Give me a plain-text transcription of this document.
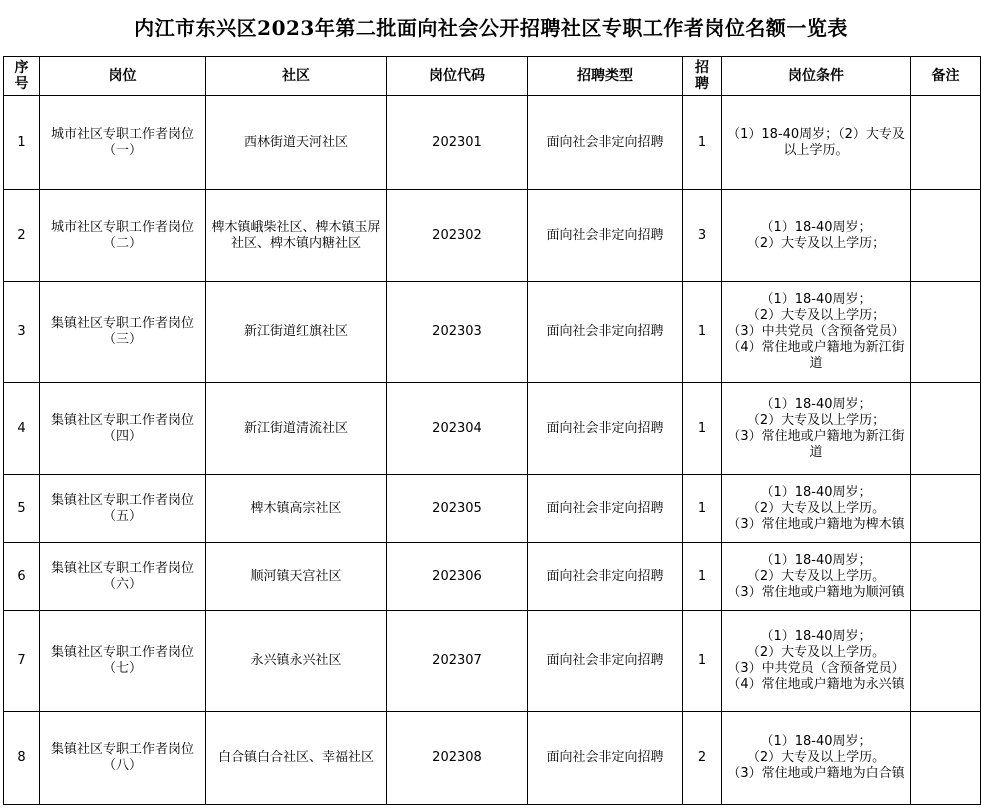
内江市东兴区2023年第二批面向社会公开招聘社区专职工作者岗位名额一览表
序号	岗位	社区	岗位代码	招聘类型	招聘	岗位条件	备注
1	城市社区专职工作者岗位（一）	西林街道天河社区	202301	面向社会非定向招聘	1	（1）18-40周岁；（2）大专及以上学历。	

2	城市社区专职工作者岗位（二）	椑木镇峨柴社区、椑木镇玉屏社区、椑木镇内糖社区	202302	面向社会非定向招聘	3	（1）18-40周岁；
（2）大专及以上学历；	

3	集镇社区专职工作者岗位（三）	新江街道红旗社区	202303	面向社会非定向招聘	1	（1）18-40周岁；
（2）大专及以上学历；
（3）中共党员（含预备党员）
（4）常住地或户籍地为新江街道	

4	集镇社区专职工作者岗位（四）	新江街道清流社区	202304	面向社会非定向招聘	1	（1）18-40周岁；
（2）大专及以上学历；
（3）常住地或户籍地为新江街道	

5	集镇社区专职工作者岗位（五）	椑木镇高宗社区	202305	面向社会非定向招聘	1	（1）18-40周岁；
（2）大专及以上学历。
（3）常住地或户籍地为椑木镇	

6	集镇社区专职工作者岗位（六）	顺河镇天宫社区	202306	面向社会非定向招聘	1	（1）18-40周岁；
（2）大专及以上学历。
（3）常住地或户籍地为顺河镇	

7	集镇社区专职工作者岗位（七）	永兴镇永兴社区	202307	面向社会非定向招聘	1	（1）18-40周岁；
（2）大专及以上学历。
（3）中共党员（含预备党员）
（4）常住地或户籍地为永兴镇	

8	集镇社区专职工作者岗位（八）	白合镇白合社区、幸福社区	202308	面向社会非定向招聘	2	（1）18-40周岁；
（2）大专及以上学历。
（3）常住地或户籍地为白合镇	
